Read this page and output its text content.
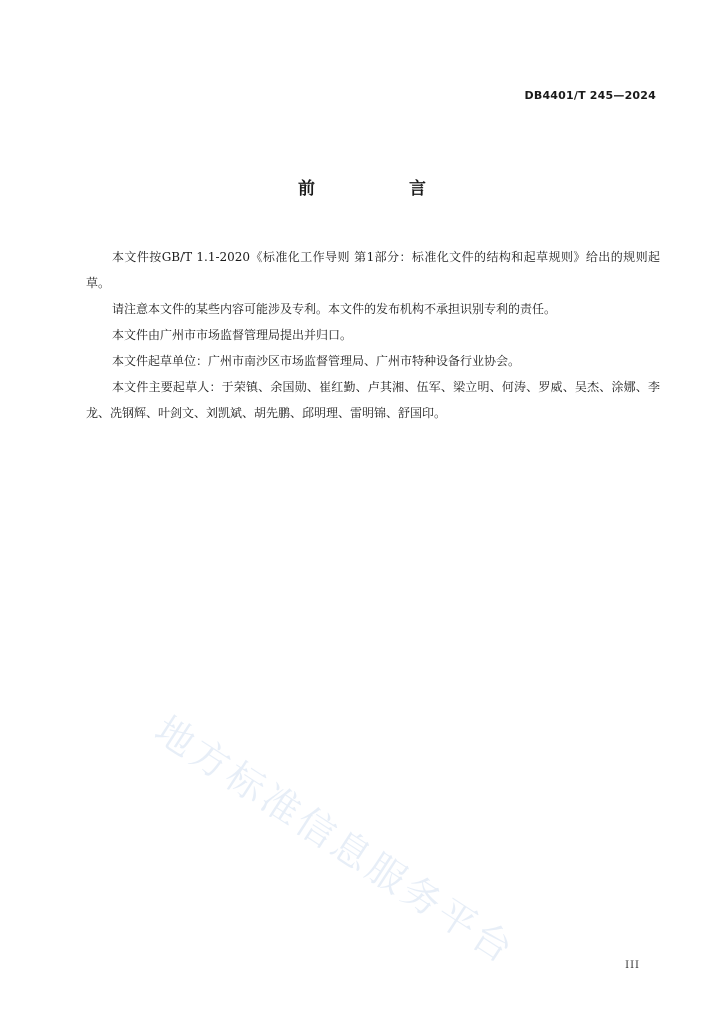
DB4401/T 245—2024
前 言

本文件按GB/T 1.1-2020《标准化工作导则 第1部分：标准化文件的结构和起草规则》给出的规则起草。

请注意本文件的某些内容可能涉及专利。本文件的发布机构不承担识别专利的责任。

本文件由广州市市场监督管理局提出并归口。

本文件起草单位：广州市南沙区市场监督管理局、广州市特种设备行业协会。

本文件主要起草人：于荣镇、余国勋、崔红勤、卢其湘、伍军、梁立明、何涛、罗威、吴杰、涂娜、李龙、冼钢辉、叶剑文、刘凯斌、胡先鹏、邱明理、雷明锦、舒国印。

地方标准信息服务平台	III
